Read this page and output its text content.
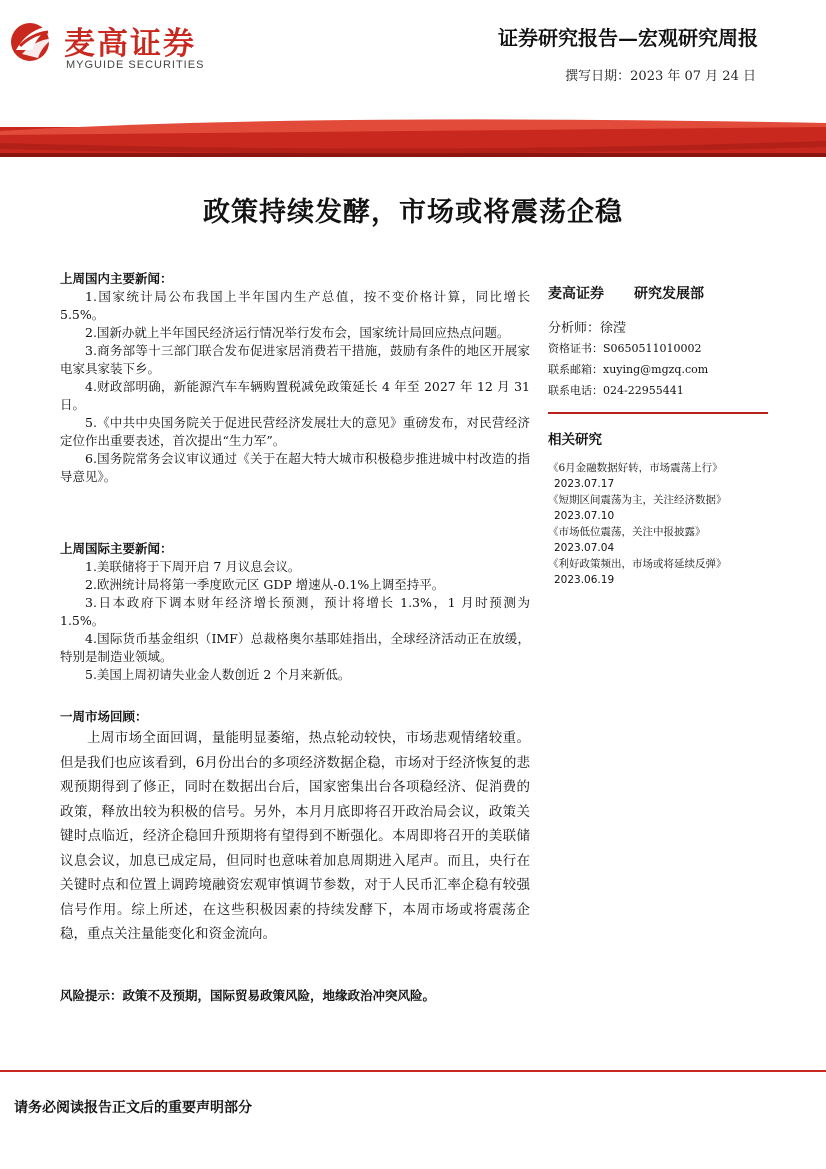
麦高证券
MYGUIDE SECURITIES
证券研究报告—宏观研究周报
撰写日期：2023 年 07 月 24 日
政策持续发酵，市场或将震荡企稳

上周国内主要新闻：

1.国家统计局公布我国上半年国内生产总值，按不变价格计算，同比增长 5.5%。

2.国新办就上半年国民经济运行情况举行发布会，国家统计局回应热点问题。

3.商务部等十三部门联合发布促进家居消费若干措施，鼓励有条件的地区开展家电家具家装下乡。

4.财政部明确，新能源汽车车辆购置税减免政策延长 4 年至 2027 年 12 月 31 日。

5.《中共中央国务院关于促进民营经济发展壮大的意见》重磅发布，对民营经济定位作出重要表述，首次提出“生力军”。

6.国务院常务会议审议通过《关于在超大特大城市积极稳步推进城中村改造的指导意见》。

上周国际主要新闻：

1.美联储将于下周开启 7 月议息会议。

2.欧洲统计局将第一季度欧元区 GDP 增速从-0.1%上调至持平。

3.日本政府下调本财年经济增长预测，预计将增长 1.3%，1 月时预测为 1.5%。

4.国际货币基金组织（IMF）总裁格奥尔基耶娃指出，全球经济活动正在放缓，特别是制造业领域。

5.美国上周初请失业金人数创近 2 个月来新低。

一周市场回顾：

上周市场全面回调，量能明显萎缩，热点轮动较快，市场悲观情绪较重。但是我们也应该看到，6月份出台的多项经济数据企稳，市场对于经济恢复的悲观预期得到了修正，同时在数据出台后，国家密集出台各项稳经济、促消费的政策，释放出较为积极的信号。另外，本月月底即将召开政治局会议，政策关键时点临近，经济企稳回升预期将有望得到不断强化。本周即将召开的美联储议息会议，加息已成定局，但同时也意味着加息周期进入尾声。而且，央行在关键时点和位置上调跨境融资宏观审慎调节参数，对于人民币汇率企稳有较强信号作用。综上所述，在这些积极因素的持续发酵下，本周市场或将震荡企稳，重点关注量能变化和资金流向。

风险提示：政策不及预期，国际贸易政策风险，地缘政治冲突风险。
麦高证券 研究发展部
分析师：徐滢

资格证书：S0650511010002

联系邮箱：xuying@mgzq.com

联系电话：024-22955441

相关研究

《6月金融数据好转，市场震荡上行》

2023.07.17

《短期区间震荡为主，关注经济数据》

2023.07.10

《市场低位震荡，关注中报披露》

2023.07.04

《利好政策频出，市场或将延续反弹》

2023.06.19

请务必阅读报告正文后的重要声明部分
